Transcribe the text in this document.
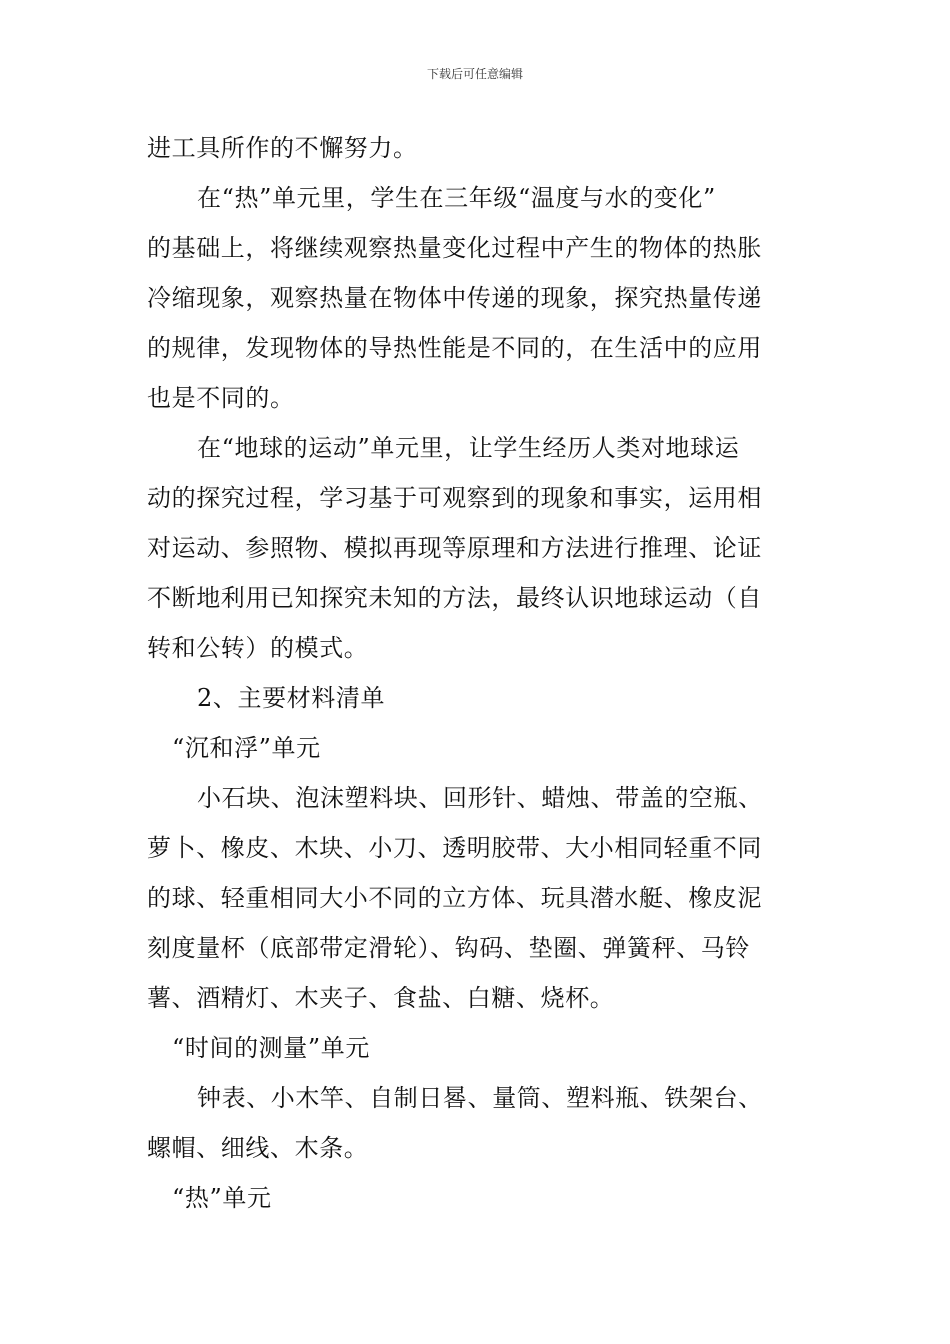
下载后可任意编辑
进工具所作的不懈努力。
在“热”单元里，学生在三年级“温度与水的变化”
的基础上，将继续观察热量变化过程中产生的物体的热胀
冷缩现象，观察热量在物体中传递的现象，探究热量传递
的规律，发现物体的导热性能是不同的，在生活中的应用
也是不同的。
在“地球的运动”单元里，让学生经历人类对地球运
动的探究过程，学习基于可观察到的现象和事实，运用相
对运动、参照物、模拟再现等原理和方法进行推理、论证
不断地利用已知探究未知的方法，最终认识地球运动（自
转和公转）的模式。
2、主要材料清单
“沉和浮”单元
小石块、泡沫塑料块、回形针、蜡烛、带盖的空瓶、
萝卜、橡皮、木块、小刀、透明胶带、大小相同轻重不同
的球、轻重相同大小不同的立方体、玩具潜水艇、橡皮泥
刻度量杯（底部带定滑轮）、钩码、垫圈、弹簧秤、马铃
薯、酒精灯、木夹子、食盐、白糖、烧杯。
“时间的测量”单元
钟表、小木竿、自制日晷、量筒、塑料瓶、铁架台、
螺帽、细线、木条。
“热”单元
